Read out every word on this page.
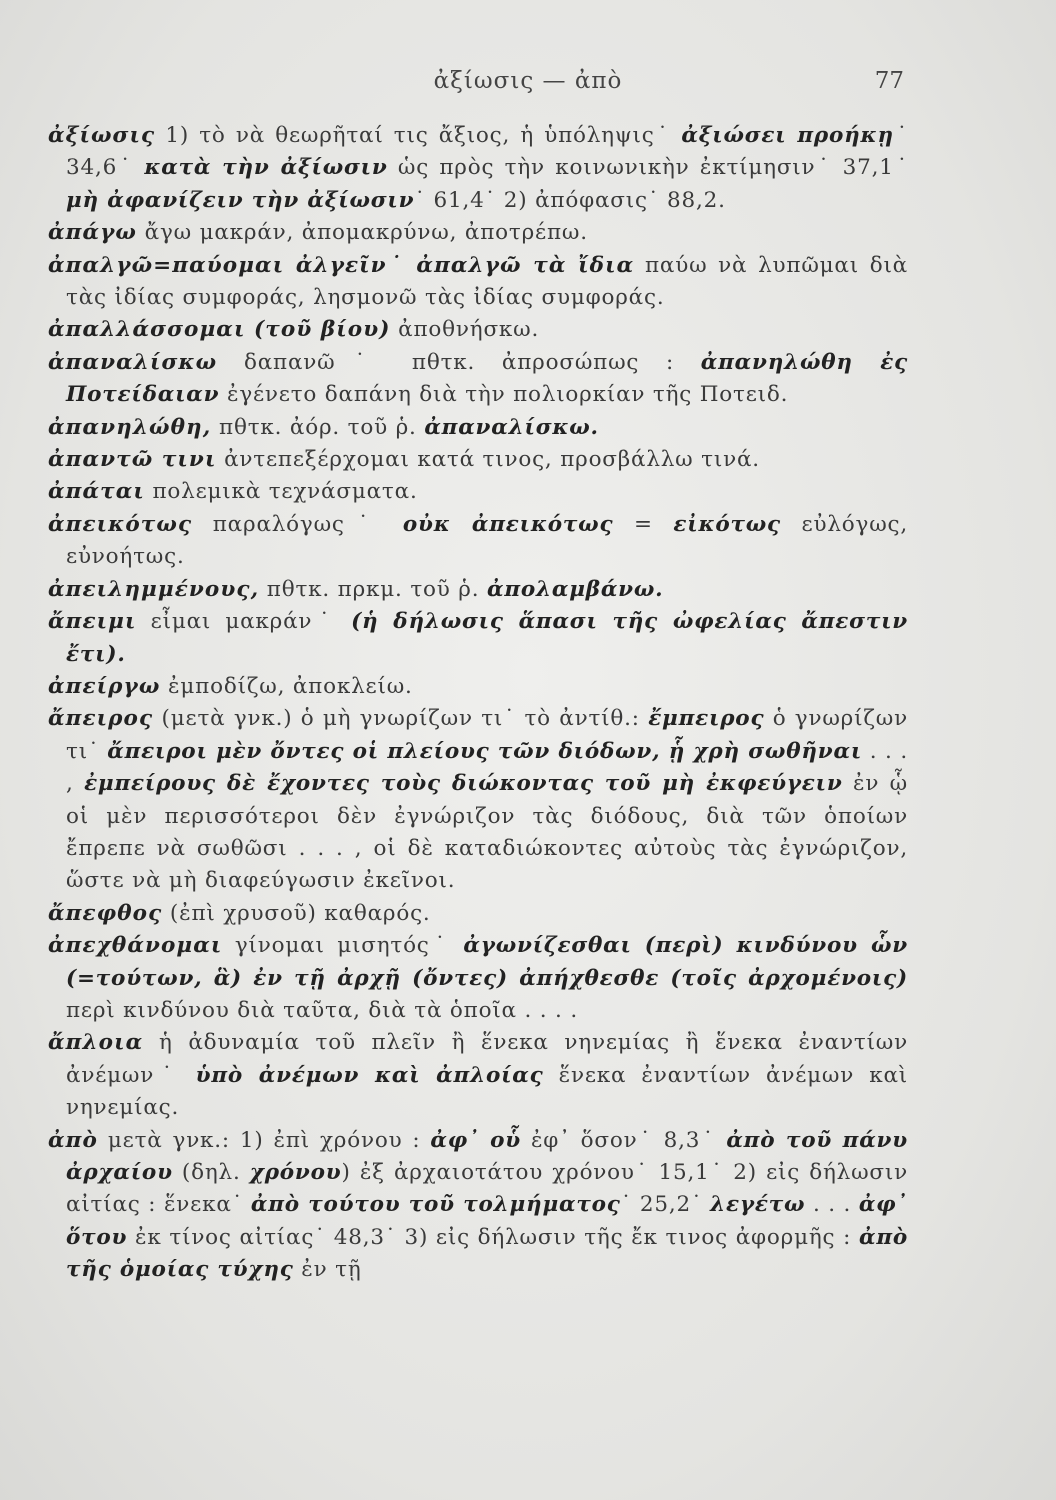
ἀξίωσις — ἀπὸ	77

ἀξίωσις 1) τὸ νὰ θεωρῆταί τις ἄξιος, ἡ ὑπόληψις˙ ἀξιώσει προήκῃ˙ 34,6˙ κατὰ τὴν ἀξίωσιν ὡς πρὸς τὴν κοινωνικὴν ἐκτίμησιν˙ 37,1˙ μὴ ἀφανίζειν τὴν ἀξίωσιν˙ 61,4˙ 2) ἀπόφασις˙ 88,2.

ἀπάγω ἄγω μακράν, ἀπομακρύνω, ἀποτρέπω.

ἀπαλγῶ=παύομαι ἀλγεῖν˙ ἀπαλγῶ τὰ ἴδια παύω νὰ λυπῶμαι διὰ τὰς ἰδίας συμφοράς, λησμονῶ τὰς ἰδίας συμφοράς.

ἀπαλλάσσομαι (τοῦ βίου) ἀποθνήσκω.

ἀπαναλίσκω δαπανῶ˙ πθτκ. ἀπροσώπως : ἀπανηλώθη ἐς Ποτείδαιαν ἐγένετο δαπάνη διὰ τὴν πολιορκίαν τῆς Ποτειδ.

ἀπανηλώθη, πθτκ. ἀόρ. τοῦ ῥ. ἀπαναλίσκω.

ἀπαντῶ τινι ἀντεπεξέρχομαι κατά τινος, προσβάλλω τινά.

ἀπάται πολεμικὰ τεχνάσματα.

ἀπεικότως παραλόγως˙ οὐκ ἀπεικότως = εἰκότως εὐλόγως, εὐνοήτως.

ἀπειλημμένους, πθτκ. πρκμ. τοῦ ῥ. ἀπολαμβάνω.

ἄπειμι εἶμαι μακράν˙ (ἡ δήλωσις ἅπασι τῆς ὠφελίας ἄπεστιν ἔτι).

ἀπείργω ἐμποδίζω, ἀποκλείω.

ἄπειρος (μετὰ γνκ.) ὁ μὴ γνωρίζων τι˙ τὸ ἀντίθ.: ἔμπειρος ὁ γνωρίζων τι˙ ἄπειροι μὲν ὄντες οἱ πλείους τῶν διόδων, ᾗ χρὴ σωθῆναι . . . , ἐμπείρους δὲ ἔχοντες τοὺς διώκοντας τοῦ μὴ ἐκφεύγειν ἐν ᾧ οἱ μὲν περισσότεροι δὲν ἐγνώριζον τὰς διόδους, διὰ τῶν ὁποίων ἔπρεπε νὰ σωθῶσι . . . , οἱ δὲ καταδιώκοντες αὐτοὺς τὰς ἐγνώριζον, ὥστε νὰ μὴ διαφεύγωσιν ἐκεῖνοι.

ἄπεφθος (ἐπὶ χρυσοῦ) καθαρός.

ἀπεχθάνομαι γίνομαι μισητός˙ ἀγωνίζεσθαι (περὶ) κινδύνου ὧν (=τούτων, ἃ) ἐν τῇ ἀρχῇ (ὄντες) ἀπήχθεσθε (τοῖς ἀρχομένοις) περὶ κινδύνου διὰ ταῦτα, διὰ τὰ ὁποῖα . . . .

ἄπλοια ἡ ἀδυναμία τοῦ πλεῖν ἢ ἕνεκα νηνεμίας ἢ ἕνεκα ἐναντίων ἀνέμων˙ ὑπὸ ἀνέμων καὶ ἀπλοίας ἕνεκα ἐναντίων ἀνέμων καὶ νηνεμίας.

ἀπὸ μετὰ γνκ.: 1) ἐπὶ χρόνου : ἀφ᾽ οὗ ἐφ᾽ ὅσον˙ 8,3˙ ἀπὸ τοῦ πάνυ ἀρχαίου (δηλ. χρόνου) ἐξ ἀρχαιοτάτου χρόνου˙ 15,1˙ 2) εἰς δήλωσιν αἰτίας : ἕνεκα˙ ἀπὸ τούτου τοῦ τολμήματος˙ 25,2˙ λεγέτω . . . ἀφ᾽ ὅτου ἐκ τίνος αἰτίας˙ 48,3˙ 3) εἰς δήλωσιν τῆς ἔκ τινος ἀφορμῆς : ἀπὸ τῆς ὁμοίας τύχης ἐν τῇ
